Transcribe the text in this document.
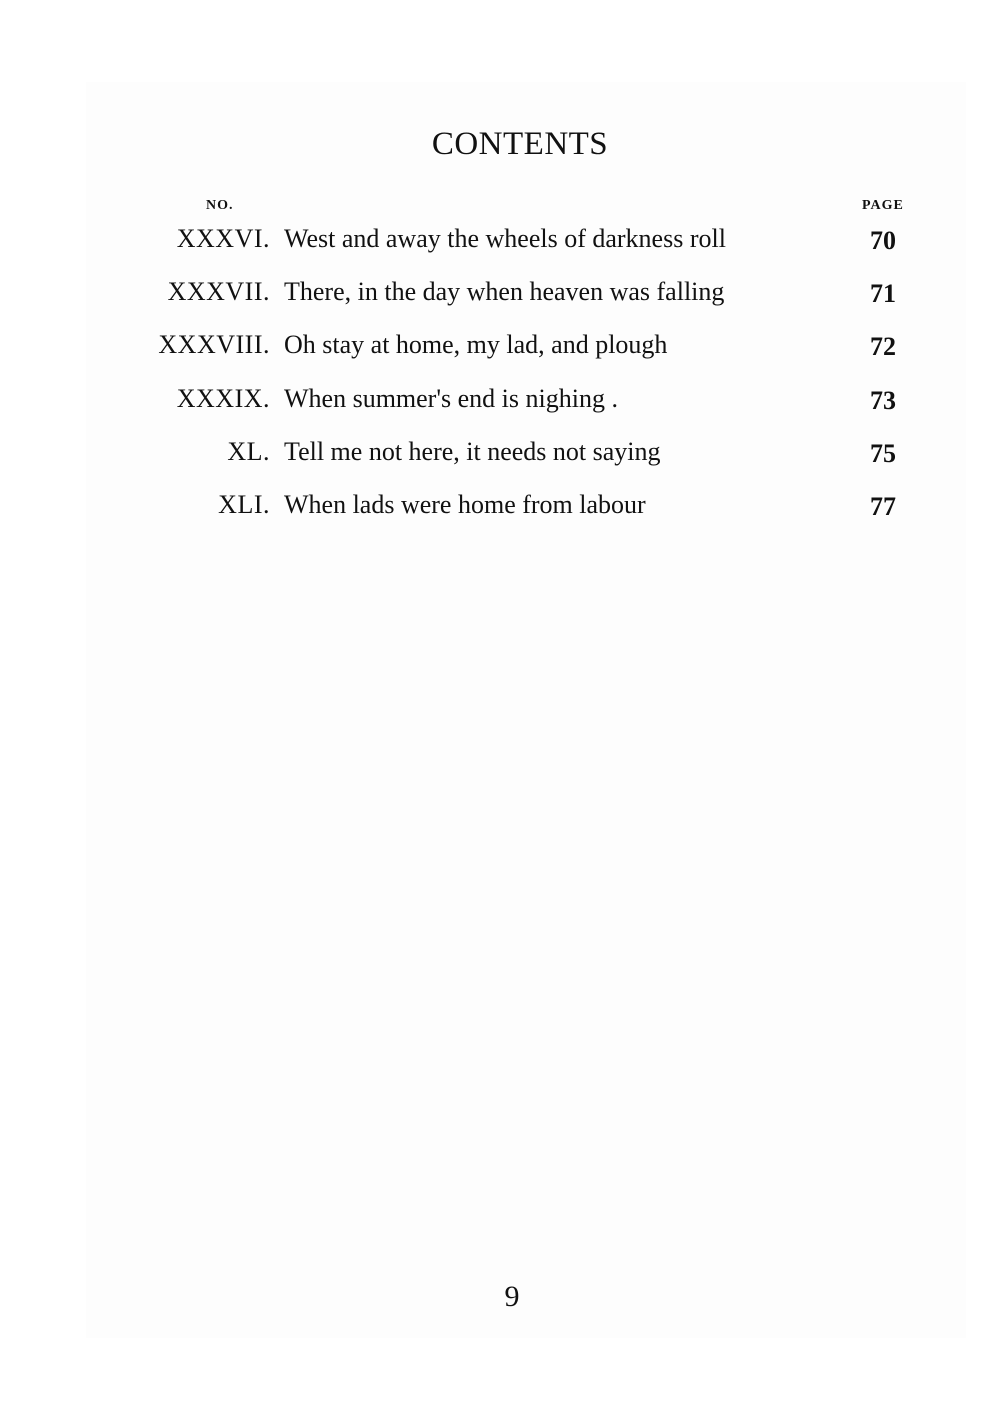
CONTENTS
NO.	PAGE
XXXVI. West and away the wheels of darkness roll	70
XXXVII. There, in the day when heaven was falling	71
XXXVIII. Oh stay at home, my lad, and plough	72
XXXIX. When summer's end is nighing .	73
XL. Tell me not here, it needs not saying	75
XLI. When lads were home from labour	77
9
